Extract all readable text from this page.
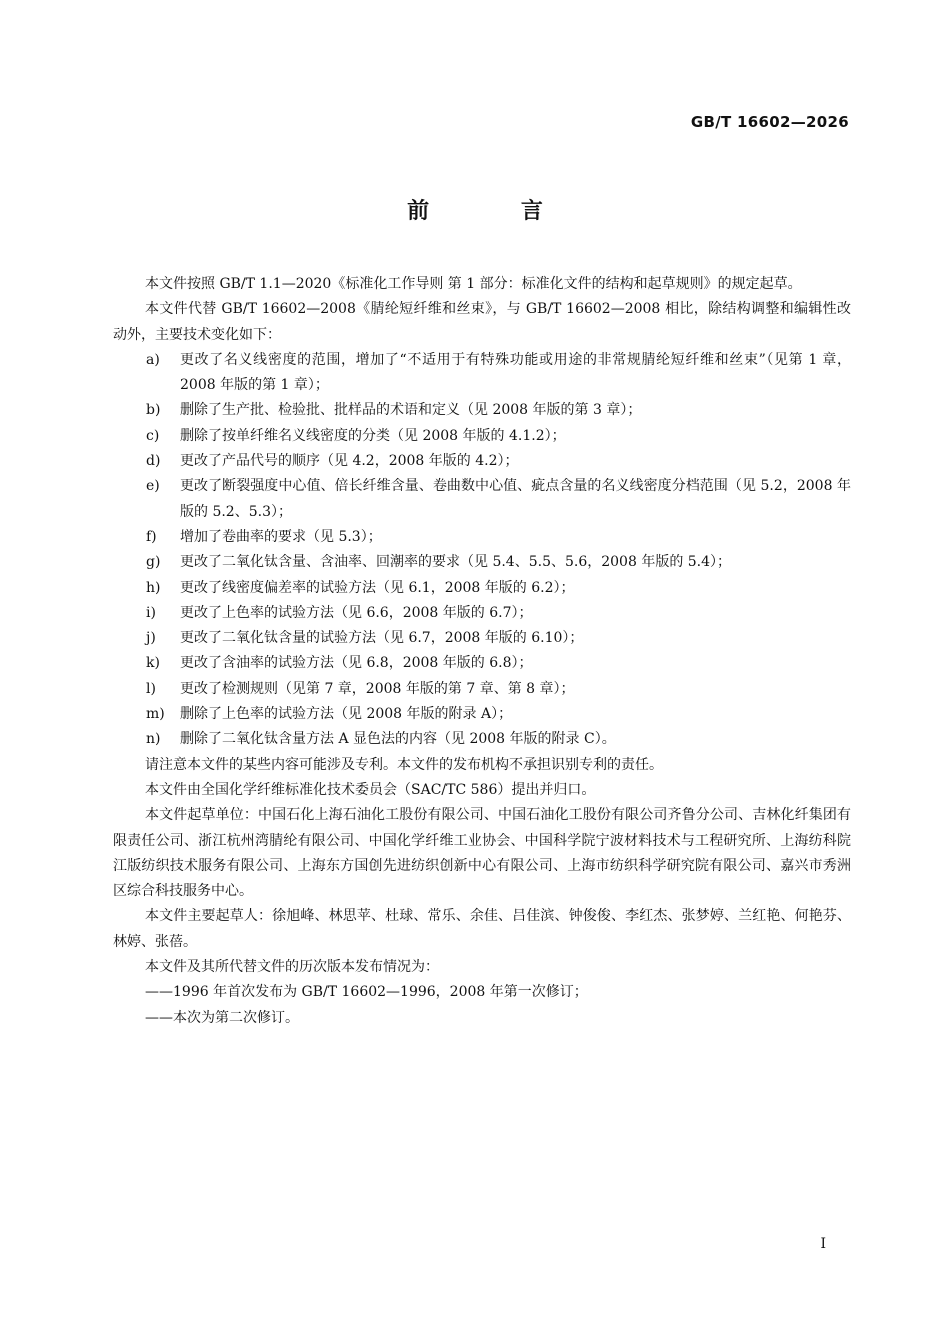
GB/T 16602—2026
前 言

本文件按照 GB/T 1.1—2020《标准化工作导则 第 1 部分：标准化文件的结构和起草规则》的规定起草。

本文件代替 GB/T 16602—2008《腈纶短纤维和丝束》，与 GB/T 16602—2008 相比，除结构调整和编辑性改动外，主要技术变化如下：

a)	更改了名义线密度的范围，增加了“不适用于有特殊功能或用途的非常规腈纶短纤维和丝束”（见第 1 章，2008 年版的第 1 章）；
b)	删除了生产批、检验批、批样品的术语和定义（见 2008 年版的第 3 章）；
c)	删除了按单纤维名义线密度的分类（见 2008 年版的 4.1.2）；
d)	更改了产品代号的顺序（见 4.2，2008 年版的 4.2）；
e)	更改了断裂强度中心值、倍长纤维含量、卷曲数中心值、疵点含量的名义线密度分档范围（见 5.2，2008 年版的 5.2、5.3）；
f)	增加了卷曲率的要求（见 5.3）；
g)	更改了二氧化钛含量、含油率、回潮率的要求（见 5.4、5.5、5.6，2008 年版的 5.4）；
h)	更改了线密度偏差率的试验方法（见 6.1，2008 年版的 6.2）；
i)	更改了上色率的试验方法（见 6.6，2008 年版的 6.7）；
j)	更改了二氧化钛含量的试验方法（见 6.7，2008 年版的 6.10）；
k)	更改了含油率的试验方法（见 6.8，2008 年版的 6.8）；
l)	更改了检测规则（见第 7 章，2008 年版的第 7 章、第 8 章）；
m)	删除了上色率的试验方法（见 2008 年版的附录 A）；
n)	删除了二氧化钛含量方法 A 显色法的内容（见 2008 年版的附录 C）。

请注意本文件的某些内容可能涉及专利。本文件的发布机构不承担识别专利的责任。

本文件由全国化学纤维标准化技术委员会（SAC/TC 586）提出并归口。

本文件起草单位：中国石化上海石油化工股份有限公司、中国石油化工股份有限公司齐鲁分公司、吉林化纤集团有限责任公司、浙江杭州湾腈纶有限公司、中国化学纤维工业协会、中国科学院宁波材料技术与工程研究所、上海纺科院江版纺织技术服务有限公司、上海东方国创先进纺织创新中心有限公司、上海市纺织科学研究院有限公司、嘉兴市秀洲区综合科技服务中心。

本文件主要起草人：徐旭峰、林思苹、杜球、常乐、余佳、吕佳滨、钟俊俊、李红杰、张梦婷、兰红艳、何艳芬、林婷、张蓓。

本文件及其所代替文件的历次版本发布情况为：

——1996 年首次发布为 GB/T 16602—1996，2008 年第一次修订；

——本次为第二次修订。

I
